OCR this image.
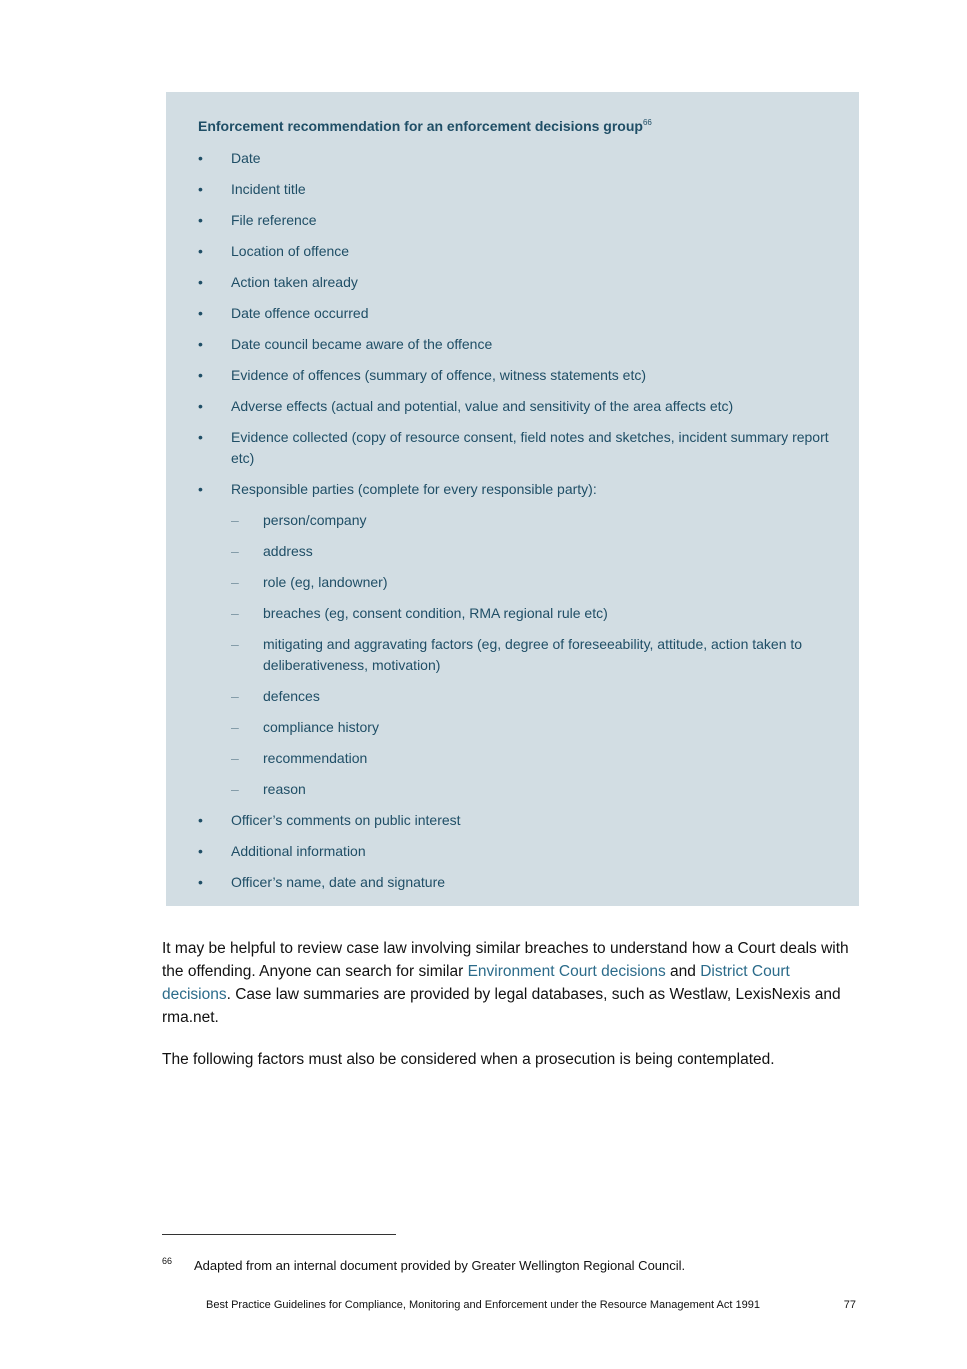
Enforcement recommendation for an enforcement decisions group$^{66}$
•	Date
•	Incident title
•	File reference
•	Location of offence
•	Action taken already
•	Date offence occurred
•	Date council became aware of the offence
•	Evidence of offences (summary of offence, witness statements etc)
•	Adverse effects (actual and potential, value and sensitivity of the area affects etc)
•	Evidence collected (copy of resource consent, field notes and sketches, incident summary report etc)
•	Responsible parties (complete for every responsible party):
– person/company
– address
– role (eg, landowner)
– breaches (eg, consent condition, RMA regional rule etc)
– mitigating and aggravating factors (eg, degree of foreseeability, attitude, action taken to deliberativeness, motivation)
– defences
– compliance history
– recommendation
– reason
•	Officer’s comments on public interest
•	Additional information
•	Officer’s name, date and signature
It may be helpful to review case law involving similar breaches to understand how a Court deals with the offending. Anyone can search for similar Environment Court decisions and District Court decisions. Case law summaries are provided by legal databases, such as Westlaw, LexisNexis and rma.net.
The following factors must also be considered when a prosecution is being contemplated.
66 Adapted from an internal document provided by Greater Wellington Regional Council.
Best Practice Guidelines for Compliance, Monitoring and Enforcement under the Resource Management Act 1991	77
